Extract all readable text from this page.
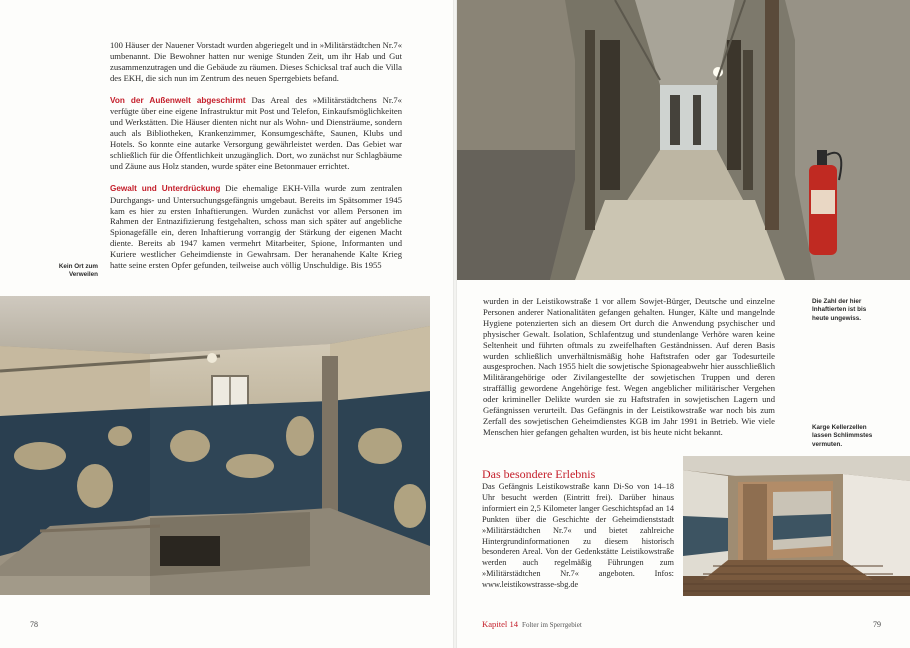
100 Häuser der Nauener Vorstadt wurden abgeriegelt und in »Militärstädtchen Nr.7« umbenannt. Die Bewohner hatten nur wenige Stunden Zeit, um ihr Hab und Gut zusammenzutragen und die Gebäude zu räumen. Dieses Schicksal traf auch die Villa des EKH, die sich nun im Zentrum des neuen Sperrgebiets befand.

Von der Außenwelt abgeschirmt Das Areal des »Militärstädtchens Nr.7« verfügte über eine eigene Infrastruktur mit Post und Telefon, Einkaufsmöglichkeiten und Werkstätten. Die Häuser dienten nicht nur als Wohn- und Diensträume, sondern auch als Bibliotheken, Krankenzimmer, Konsumgeschäfte, Saunen, Klubs und Hotels. So konnte eine autarke Versorgung gewährleistet werden. Das Gebiet war schließlich für die Öffentlichkeit unzugänglich. Dort, wo zunächst nur Schlagbäume und Zäune aus Holz standen, wurde später eine Betonmauer errichtet.

Gewalt und Unterdrückung Die ehemalige EKH-Villa wurde zum zentralen Durchgangs- und Untersuchungsgefängnis umgebaut. Bereits im Spätsommer 1945 kam es hier zu ersten Inhaftierungen. Wurden zunächst vor allem Personen im Rahmen der Entnazifizierung festgehalten, schoss man sich später auf angebliche Spionagefälle ein, deren Inhaftierung vorrangig der Stärkung der eigenen Macht diente. Bereits ab 1947 kamen vermehrt Mitarbeiter, Spione, Informanten und Kuriere westlicher Geheimdienste in Gewahrsam. Der heranahende Kalte Krieg hatte seine ersten Opfer gefunden, teilweise auch völlig Unschuldige. Bis 1955

Kein Ort zum Verweilen
78

wurden in der Leistikowstraße 1 vor allem Sowjet-Bürger, Deutsche und einzelne Personen anderer Nationalitäten gefangen gehalten. Hunger, Kälte und mangelnde Hygiene potenzierten sich an diesem Ort durch die Anwendung psychischer und physischer Gewalt. Isolation, Schlafentzug und stundenlange Verhöre waren keine Seltenheit und führten oftmals zu zweifelhaften Geständnissen. Auf deren Basis wurden schließlich unverhältnismäßig hohe Haftstrafen oder gar Todesurteile ausgesprochen. Nach 1955 hielt die sowjetische Spionageabwehr hier ausschließlich Militärangehörige oder Zivilangestellte der sowjetischen Truppen und deren straffällig gewordene Angehörige fest. Wegen angeblicher militärischer Vergehen oder krimineller Delikte wurden sie zu Haftstrafen in sowjetischen Lagern und Gefängnissen verurteilt. Das Gefängnis in der Leistikowstraße war noch bis zum Zerfall des sowjetischen Geheimdienstes KGB im Jahr 1991 in Betrieb. Wie viele Menschen hier gefangen gehalten wurden, ist bis heute nicht bekannt.

Die Zahl der hier Inhaftierten ist bis heute ungewiss.
Karge Kellerzellen lassen Schlimmstes vermuten.
Das besondere Erlebnis
Das Gefängnis Leistikowstraße kann Di-So von 14–18 Uhr besucht werden (Eintritt frei). Darüber hinaus informiert ein 2,5 Kilometer langer Geschichtspfad an 14 Punkten über die Geschichte der Geheimdienststadt »Militärstädtchen Nr.7« und bietet zahlreiche Hintergrundinformationen zu diesem historisch besonderen Areal. Von der Gedenkstätte Leistikowstraße werden auch regelmäßig Führungen zum »Militärstädtchen Nr.7« angeboten. Infos: www.leistikowstrasse-sbg.de
Kapitel 14 Folter im Sperrgebiet	79
